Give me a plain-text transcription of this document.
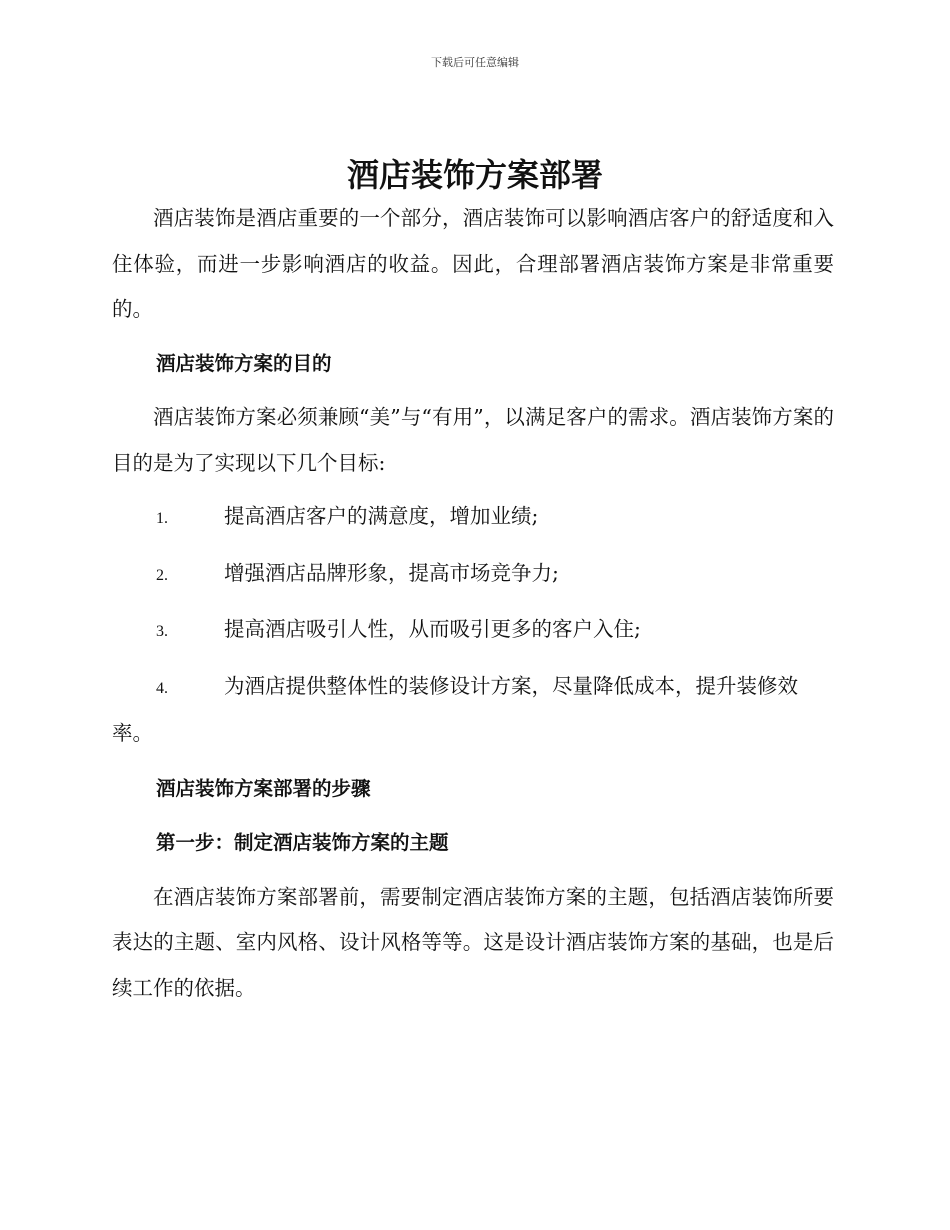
下载后可任意编辑
酒店装饰方案部署

酒店装饰是酒店重要的一个部分，酒店装饰可以影响酒店客户的舒适度和入住体验，而进一步影响酒店的收益。因此，合理部署酒店装饰方案是非常重要的。

酒店装饰方案的目的

酒店装饰方案必须兼顾“美”与“有用”，以满足客户的需求。酒店装饰方案的目的是为了实现以下几个目标:

1.	提高酒店客户的满意度，增加业绩;
2.	增强酒店品牌形象，提高市场竞争力;
3.	提高酒店吸引人性，从而吸引更多的客户入住;
4.	为酒店提供整体性的装修设计方案，尽量降低成本，提升装修效率。
酒店装饰方案部署的步骤
第一步：制定酒店装饰方案的主题

在酒店装饰方案部署前，需要制定酒店装饰方案的主题，包括酒店装饰所要表达的主题、室内风格、设计风格等等。这是设计酒店装饰方案的基础，也是后续工作的依据。
